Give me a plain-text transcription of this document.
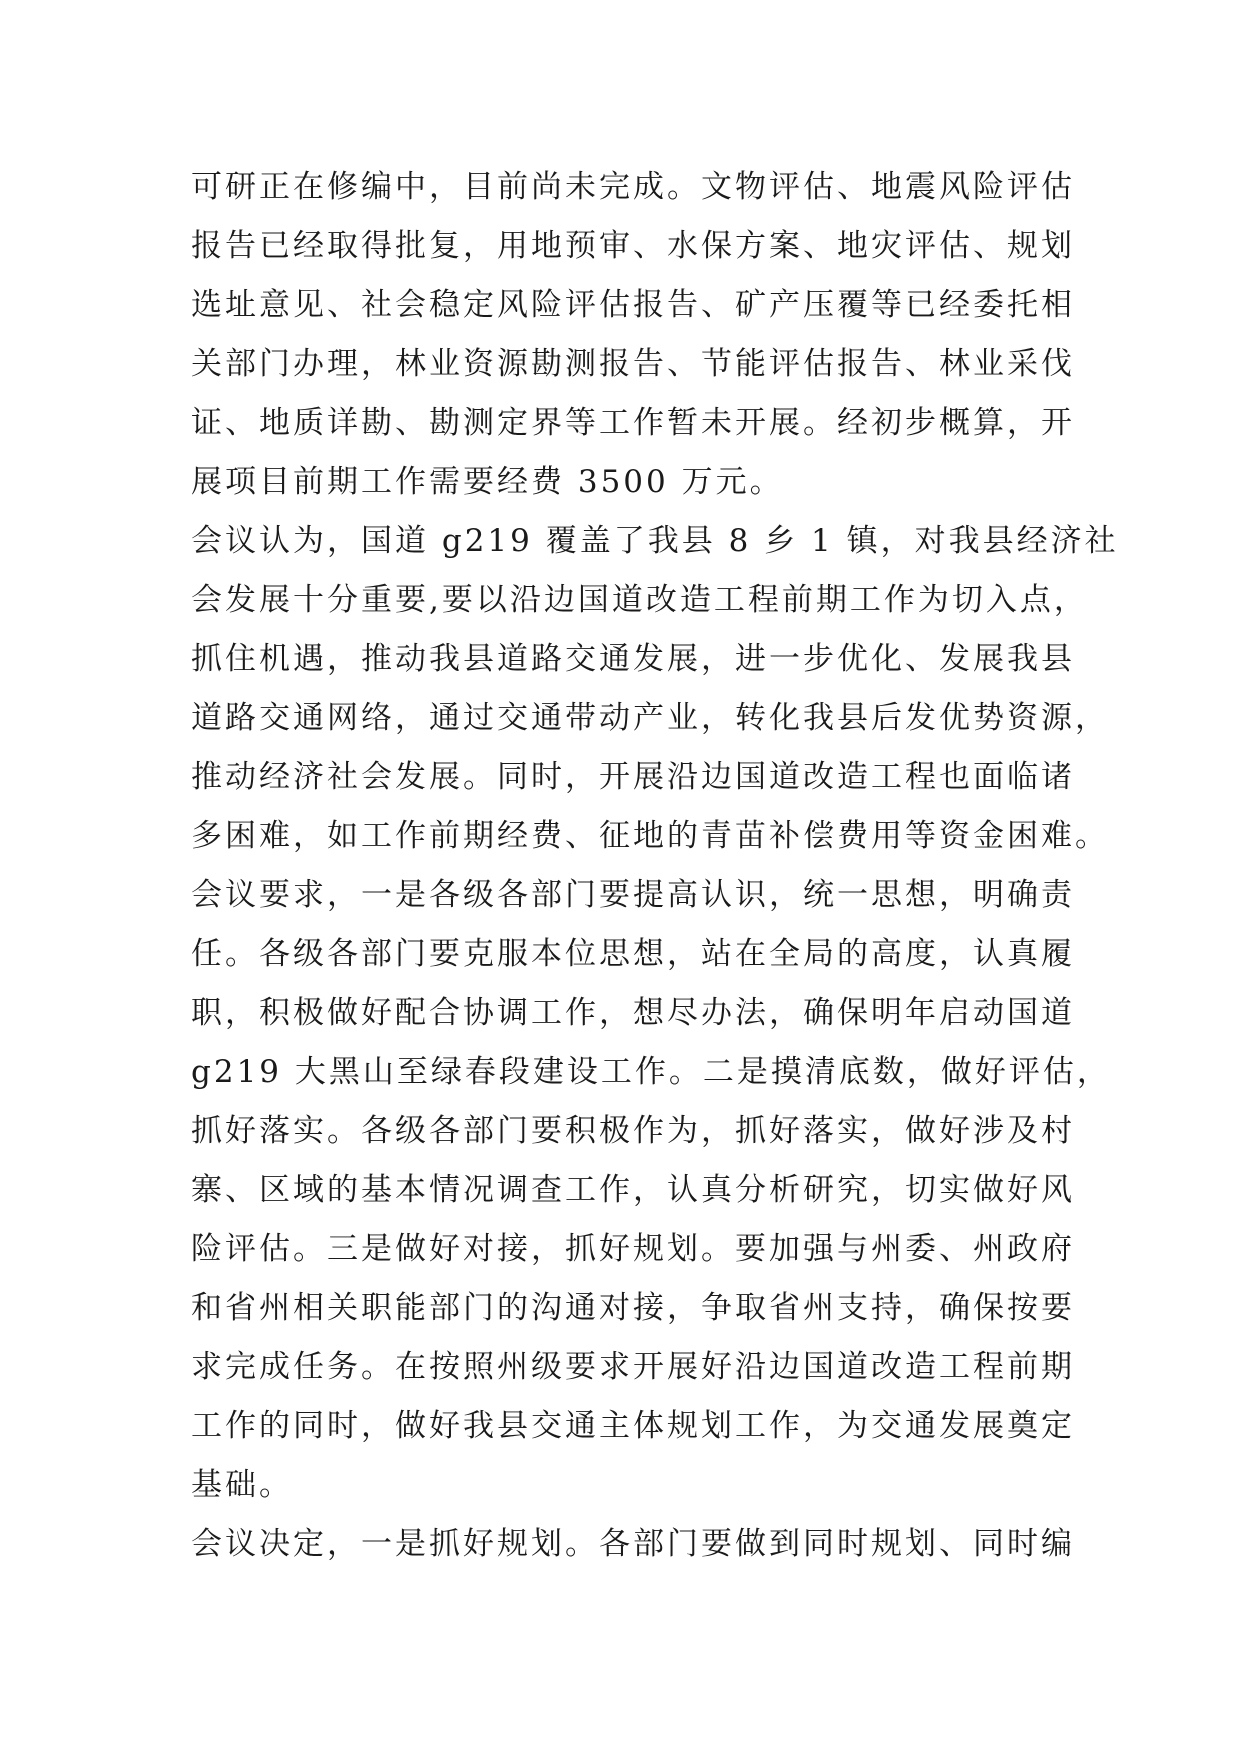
可研正在修编中，目前尚未完成。文物评估、地震风险评估
报告已经取得批复，用地预审、水保方案、地灾评估、规划
选址意见、社会稳定风险评估报告、矿产压覆等已经委托相
关部门办理，林业资源勘测报告、节能评估报告、林业采伐
证、地质详勘、勘测定界等工作暂未开展。经初步概算，开
展项目前期工作需要经费 3500 万元。
会议认为，国道 g219 覆盖了我县 8 乡 1 镇，对我县经济社
会发展十分重要,要以沿边国道改造工程前期工作为切入点，
抓住机遇，推动我县道路交通发展，进一步优化、发展我县
道路交通网络，通过交通带动产业，转化我县后发优势资源，
推动经济社会发展。同时，开展沿边国道改造工程也面临诸
多困难，如工作前期经费、征地的青苗补偿费用等资金困难。
会议要求，一是各级各部门要提高认识，统一思想，明确责
任。各级各部门要克服本位思想，站在全局的高度，认真履
职，积极做好配合协调工作，想尽办法，确保明年启动国道
g219 大黑山至绿春段建设工作。二是摸清底数，做好评估，
抓好落实。各级各部门要积极作为，抓好落实，做好涉及村
寨、区域的基本情况调查工作，认真分析研究，切实做好风
险评估。三是做好对接，抓好规划。要加强与州委、州政府
和省州相关职能部门的沟通对接，争取省州支持，确保按要
求完成任务。在按照州级要求开展好沿边国道改造工程前期
工作的同时，做好我县交通主体规划工作，为交通发展奠定
基础。
会议决定，一是抓好规划。各部门要做到同时规划、同时编
